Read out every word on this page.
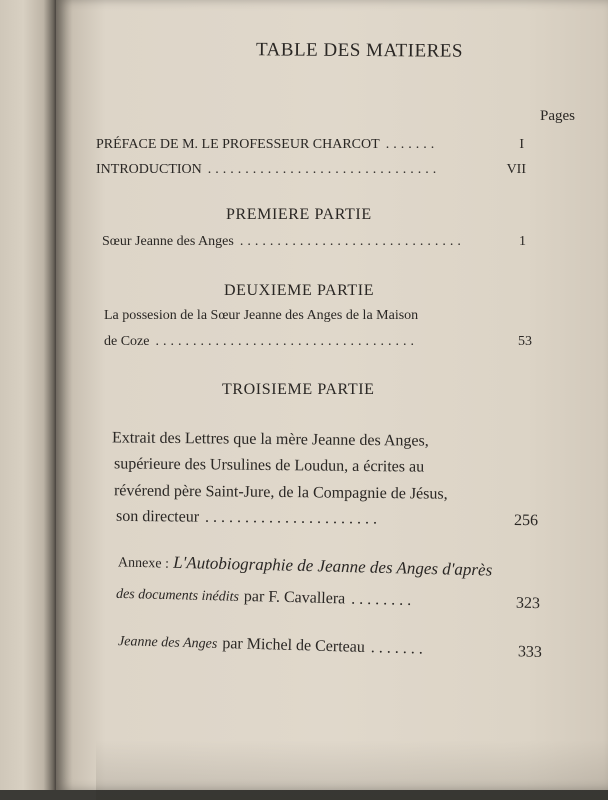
TABLE DES MATIERES
Pages
PRÉFACE DE M. LE PROFESSEUR CHARCOT .......	I
INTRODUCTION ...............................	VII
PREMIERE PARTIE
Sœur Jeanne des Anges ..............................	1
DEUXIEME PARTIE
La possesion de la Sœur Jeanne des Anges de la Maison
de Coze ...................................	53
TROISIEME PARTIE
Extrait des Lettres que la mère Jeanne des Anges,
supérieure des Ursulines de Loudun, a écrites au
révérend père Saint-Jure, de la Compagnie de Jésus,
son directeur ......................	256
Annexe : L'Autobiographie de Jeanne des Anges d'après
des documents inédits par F. Cavallera ........	323
Jeanne des Anges par Michel de Certeau .......	333
